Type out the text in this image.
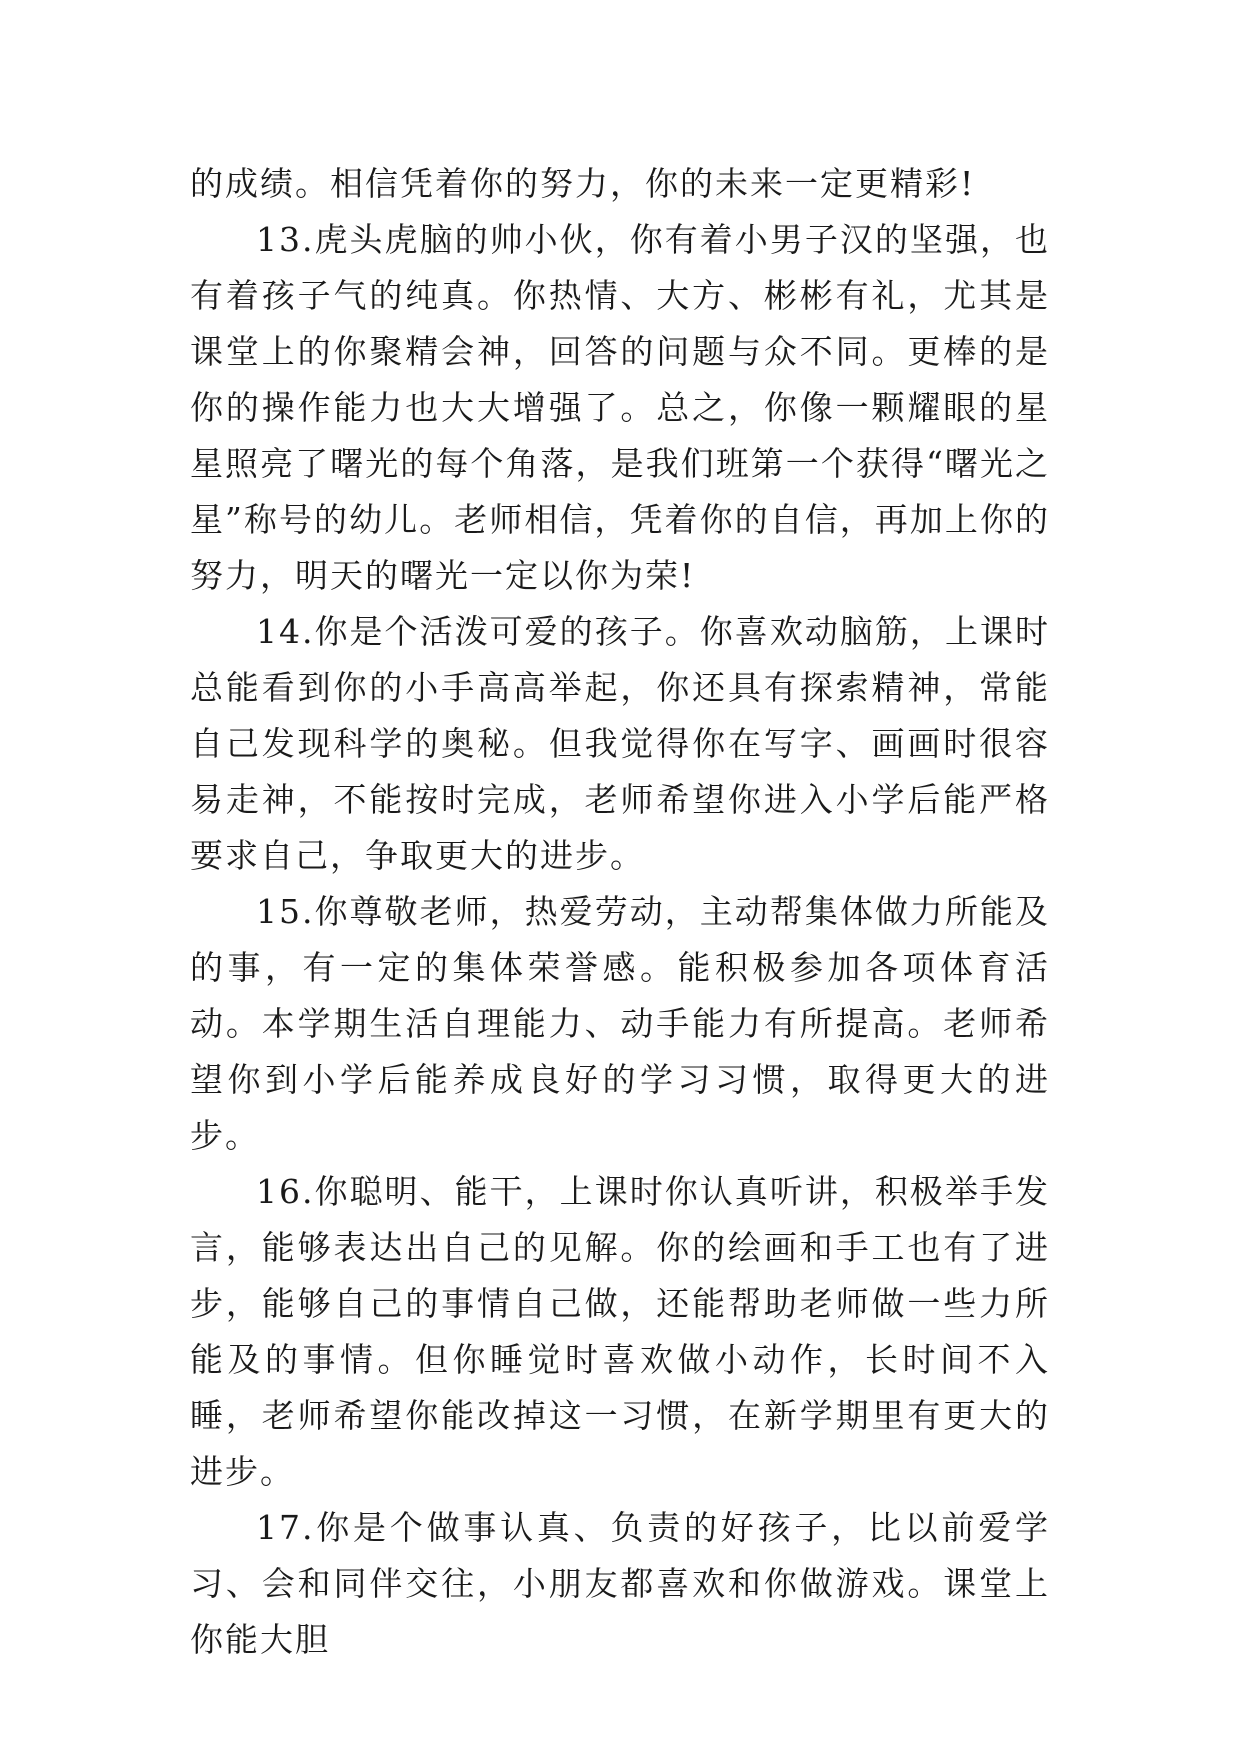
的成绩。相信凭着你的努力，你的未来一定更精彩!

13.虎头虎脑的帅小伙，你有着小男子汉的坚强，也有着孩子气的纯真。你热情、大方、彬彬有礼，尤其是课堂上的你聚精会神，回答的问题与众不同。更棒的是你的操作能力也大大增强了。总之，你像一颗耀眼的星星照亮了曙光的每个角落，是我们班第一个获得“曙光之星”称号的幼儿。老师相信，凭着你的自信，再加上你的努力，明天的曙光一定以你为荣!

14.你是个活泼可爱的孩子。你喜欢动脑筋，上课时总能看到你的小手高高举起，你还具有探索精神，常能自己发现科学的奥秘。但我觉得你在写字、画画时很容易走神，不能按时完成，老师希望你进入小学后能严格要求自己，争取更大的进步。

15.你尊敬老师，热爱劳动，主动帮集体做力所能及的事，有一定的集体荣誉感。能积极参加各项体育活动。本学期生活自理能力、动手能力有所提高。老师希望你到小学后能养成良好的学习习惯，取得更大的进步。

16.你聪明、能干，上课时你认真听讲，积极举手发言，能够表达出自己的见解。你的绘画和手工也有了进步，能够自己的事情自己做，还能帮助老师做一些力所能及的事情。但你睡觉时喜欢做小动作，长时间不入睡，老师希望你能改掉这一习惯，在新学期里有更大的进步。

17.你是个做事认真、负责的好孩子，比以前爱学习、会和同伴交往，小朋友都喜欢和你做游戏。课堂上你能大胆
